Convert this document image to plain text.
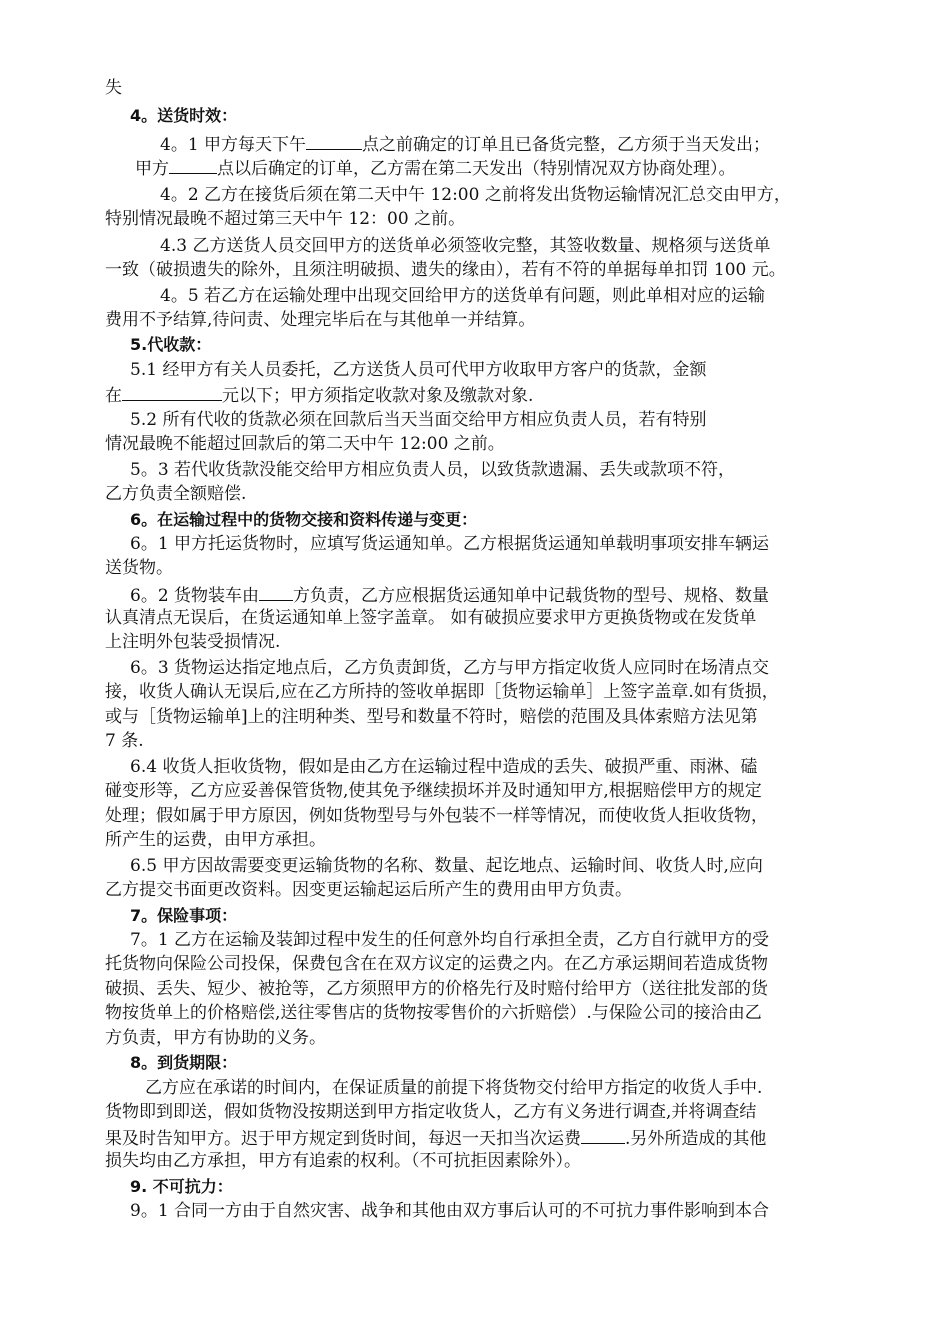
失
4。送货时效：
4。1 甲方每天下午	点之前确定的订单且已备货完整，乙方须于当天发出；
甲方	点以后确定的订单，乙方需在第二天发出（特别情况双方协商处理）。
4。2 乙方在接货后须在第二天中午 12:00 之前将发出货物运输情况汇总交由甲方，
特别情况最晚不超过第三天中午 12：00 之前。
4.3 乙方送货人员交回甲方的送货单必须签收完整，其签收数量、规格须与送货单
一致（破损遗失的除外，且须注明破损、遗失的缘由），若有不符的单据每单扣罚 100 元。
4。5 若乙方在运输处理中出现交回给甲方的送货单有问题，则此单相对应的运输
费用不予结算,待问责、处理完毕后在与其他单一并结算。
5.代收款：
5.1 经甲方有关人员委托，乙方送货人员可代甲方收取甲方客户的货款，金额
在	元以下；甲方须指定收款对象及缴款对象.
5.2 所有代收的货款必须在回款后当天当面交给甲方相应负责人员，若有特别
情况最晚不能超过回款后的第二天中午 12:00 之前。
5。3 若代收货款没能交给甲方相应负责人员，以致货款遗漏、丢失或款项不符，
乙方负责全额赔偿.
6。在运输过程中的货物交接和资料传递与变更：
6。1 甲方托运货物时，应填写货运通知单。乙方根据货运通知单载明事项安排车辆运
送货物。
6。2 货物装车由 方负责，乙方应根据货运通知单中记载货物的型号、规格、数量
认真清点无误后，在货运通知单上签字盖章。 如有破损应要求甲方更换货物或在发货单
上注明外包装受损情况.
6。3 货物运达指定地点后，乙方负责卸货，乙方与甲方指定收货人应同时在场清点交
接，收货人确认无误后,应在乙方所持的签收单据即［货物运输单］上签字盖章.如有货损，
或与［货物运输单]上的注明种类、型号和数量不符时，赔偿的范围及具体索赔方法见第
7 条.
6.4 收货人拒收货物，假如是由乙方在运输过程中造成的丢失、破损严重、雨淋、磕
碰变形等，乙方应妥善保管货物,使其免予继续损坏并及时通知甲方,根据赔偿甲方的规定
处理；假如属于甲方原因，例如货物型号与外包装不一样等情况，而使收货人拒收货物，
所产生的运费，由甲方承担。
6.5 甲方因故需要变更运输货物的名称、数量、起讫地点、运输时间、收货人时,应向
乙方提交书面更改资料。因变更运输起运后所产生的费用由甲方负责。
7。保险事项：
7。1 乙方在运输及装卸过程中发生的任何意外均自行承担全责，乙方自行就甲方的受
托货物向保险公司投保，保费包含在在双方议定的运费之内。在乙方承运期间若造成货物
破损、丢失、短少、被抢等，乙方须照甲方的价格先行及时赔付给甲方（送往批发部的货
物按货单上的价格赔偿,送往零售店的货物按零售价的六折赔偿）.与保险公司的接洽由乙
方负责，甲方有协助的义务。
8。到货期限：
乙方应在承诺的时间内，在保证质量的前提下将货物交付给甲方指定的收货人手中.
货物即到即送，假如货物没按期送到甲方指定收货人，乙方有义务进行调查,并将调查结
果及时告知甲方。迟于甲方规定到货时间，每迟一天扣当次运费	.另外所造成的其他
损失均由乙方承担，甲方有追索的权利。（不可抗拒因素除外）。
9. 不可抗力：
9。1 合同一方由于自然灾害、战争和其他由双方事后认可的不可抗力事件影响到本合
